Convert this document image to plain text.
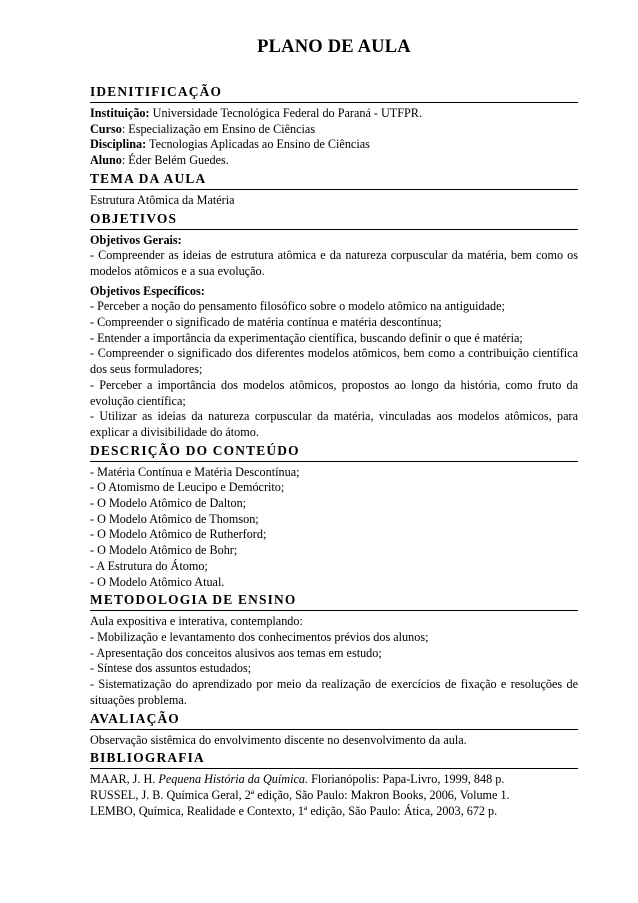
PLANO DE AULA
IDENITIFICAÇÃO
Instituição: Universidade Tecnológica Federal do Paraná - UTFPR.
Curso: Especialização em Ensino de Ciências
Disciplina: Tecnologias Aplicadas ao Ensino de Ciências
Aluno: Éder Belém Guedes.
TEMA DA AULA
Estrutura Atômica da Matéria
OBJETIVOS
Objetivos Gerais:
- Compreender as ideias de estrutura atômica e da natureza corpuscular da matéria, bem como os modelos atômicos e a sua evolução.
Objetivos Específicos:
- Perceber a noção do pensamento filosófico sobre o modelo atômico na antiguidade;
- Compreender o significado de matéria contínua e matéria descontínua;
- Entender a importância da experimentação científica, buscando definir o que é matéria;
- Compreender o significado dos diferentes modelos atômicos, bem como a contribuição científica dos seus formuladores;
- Perceber a importância dos modelos atômicos, propostos ao longo da história, como fruto da evolução científica;
- Utilizar as ideias da natureza corpuscular da matéria, vinculadas aos modelos atômicos, para explicar a divisibilidade do átomo.
DESCRIÇÃO DO CONTEÚDO
- Matéria Contínua e Matéria Descontínua;
- O Atomismo de Leucipo e Demócrito;
- O Modelo Atômico de Dalton;
- O Modelo Atômico de Thomson;
- O Modelo Atômico de Rutherford;
- O Modelo Atômico de Bohr;
- A Estrutura do Átomo;
- O Modelo Atômico Atual.
METODOLOGIA DE ENSINO
Aula expositiva e interativa, contemplando:
- Mobilização e levantamento dos conhecimentos prévios dos alunos;
- Apresentação dos conceitos alusivos aos temas em estudo;
- Síntese dos assuntos estudados;
- Sistematização do aprendizado por meio da realização de exercícios de fixação e resoluções de situações problema.
AVALIAÇÃO
Observação sistêmica do envolvimento discente no desenvolvimento da aula.
BIBLIOGRAFIA
MAAR, J. H. Pequena História da Química. Florianópolis: Papa-Livro, 1999, 848 p.
RUSSEL, J. B. Química Geral, 2ª edição, São Paulo: Makron Books, 2006, Volume 1.
LEMBO, Química, Realidade e Contexto, 1ª edição, São Paulo: Ática, 2003, 672 p.
